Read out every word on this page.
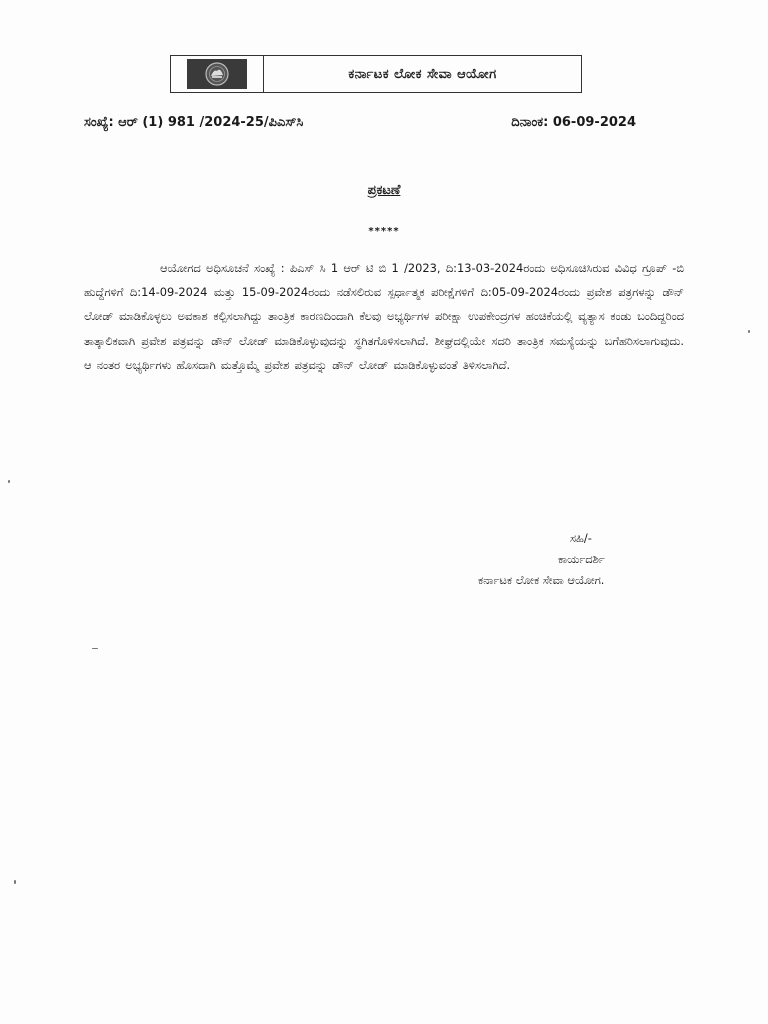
ಕರ್ನಾಟಕ ಲೋಕ ಸೇವಾ ಆಯೋಗ
ಸಂಖ್ಯೆ: ಆರ್ (1) 981 /2024-25/ಪಿಎಸ್‌ಸಿ	ದಿನಾಂಕ: 06-09-2024
ಪ್ರಕಟಣೆ
*****
ಆಯೋಗದ ಅಧಿಸೂಚನೆ ಸಂಖ್ಯೆ : ಪಿಎಸ್ ಸಿ 1 ಆರ್ ಟಿ ಬಿ 1 /2023, ದಿ:13-03-2024ರಂದು ಅಧಿಸೂಚಿಸಿರುವ ವಿವಿಧ ಗ್ರೂಪ್ -ಬಿ ಹುದ್ದೆಗಳಿಗೆ ದಿ:14-09-2024 ಮತ್ತು 15-09-2024ರಂದು ನಡೆಸಲಿರುವ ಸ್ಪರ್ಧಾತ್ಮಕ ಪರೀಕ್ಷೆಗಳಿಗೆ ದಿ:05-09-2024ರಂದು ಪ್ರವೇಶ ಪತ್ರಗಳನ್ನು ಡೌನ್ ಲೋಡ್ ಮಾಡಿಕೊಳ್ಳಲು ಅವಕಾಶ ಕಲ್ಪಿಸಲಾಗಿದ್ದು ತಾಂತ್ರಿಕ ಕಾರಣದಿಂದಾಗಿ ಕೆಲವು ಅಭ್ಯರ್ಥಿಗಳ ಪರೀಕ್ಷಾ ಉಪಕೇಂದ್ರಗಳ ಹಂಚಿಕೆಯಲ್ಲಿ ವ್ಯತ್ಯಾಸ ಕಂಡು ಬಂದಿದ್ದರಿಂದ ತಾತ್ಕಾಲಿಕವಾಗಿ ಪ್ರವೇಶ ಪತ್ರವನ್ನು ಡೌನ್ ಲೋಡ್ ಮಾಡಿಕೊಳ್ಳುವುದನ್ನು ಸ್ಥಗಿತಗೊಳಿಸಲಾಗಿದೆ. ಶೀಘ್ರದಲ್ಲಿಯೇ ಸದರಿ ತಾಂತ್ರಿಕ ಸಮಸ್ಯೆಯನ್ನು ಬಗೆಹರಿಸಲಾಗುವುದು. ಆ ನಂತರ ಅಭ್ಯರ್ಥಿಗಳು ಹೊಸದಾಗಿ ಮತ್ತೊಮ್ಮೆ ಪ್ರವೇಶ ಪತ್ರವನ್ನು ಡೌನ್ ಲೋಡ್ ಮಾಡಿಕೊಳ್ಳುವಂತೆ ತಿಳಿಸಲಾಗಿದೆ.
ಸಹಿ/-
ಕಾರ್ಯದರ್ಶಿ
ಕರ್ನಾಟಕ ಲೋಕ ಸೇವಾ ಆಯೋಗ.
